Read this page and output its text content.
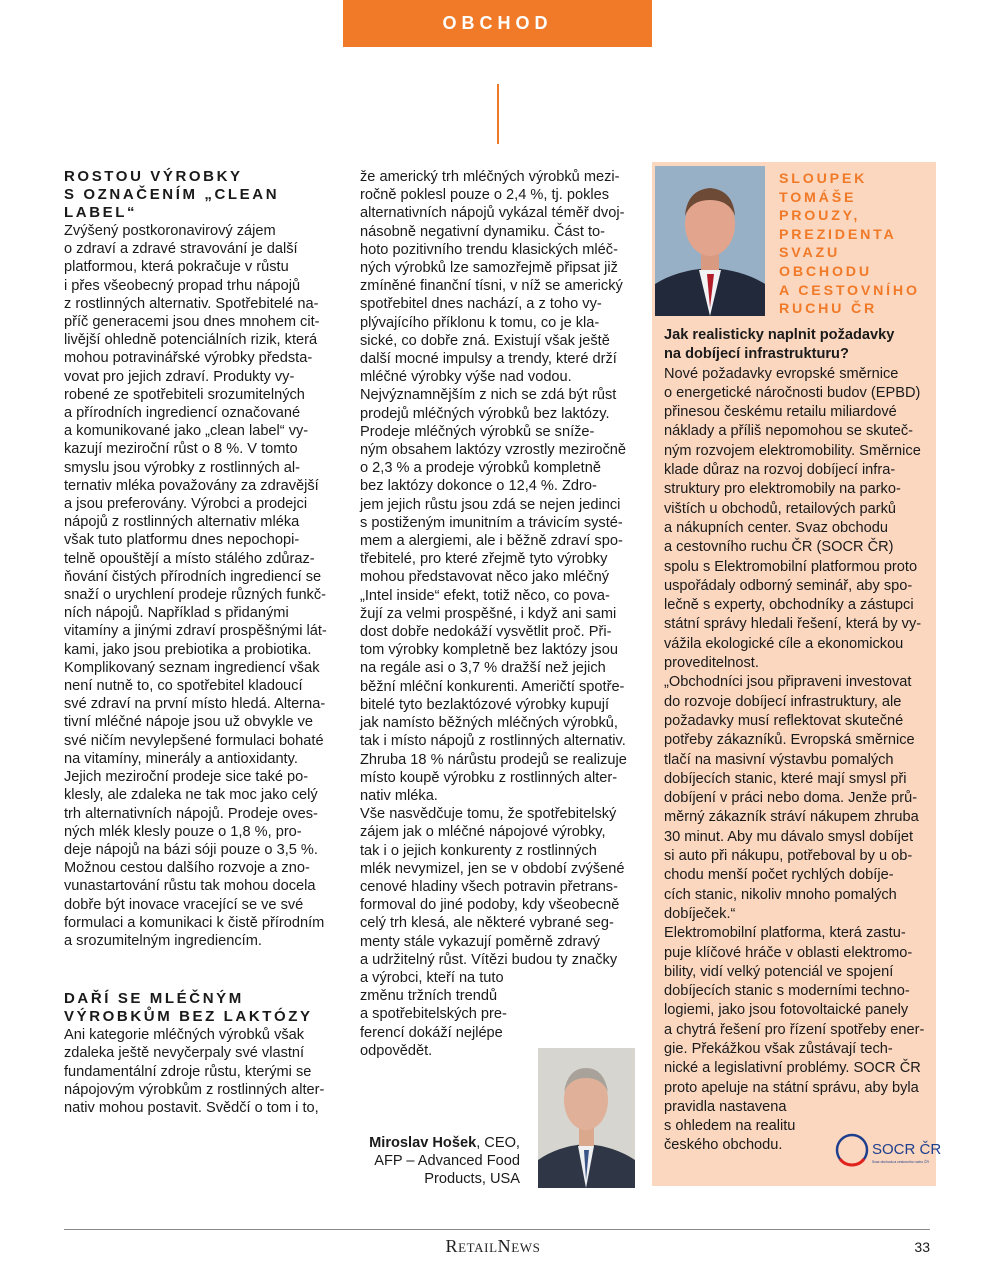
OBCHOD
ROSTOU VÝROBKY
S OZNAČENÍM „CLEAN
LABEL“
Zvýšený postkoronavirový zájem
o zdraví a zdravé stravování je další
platformou, která pokračuje v růstu
i přes všeobecný propad trhu nápojů
z rostlinných alternativ. Spotřebitelé na-
příč generacemi jsou dnes mnohem cit-
livější ohledně potenciálních rizik, která
mohou potravinářské výrobky předsta-
vovat pro jejich zdraví. Produkty vy-
robené ze spotřebiteli srozumitelných
a přírodních ingrediencí označované
a komunikované jako „clean label“ vy-
kazují meziroční růst o 8 %. V tomto
smyslu jsou výrobky z rostlinných al-
ternativ mléka považovány za zdravější
a jsou preferovány. Výrobci a prodejci
nápojů z rostlinných alternativ mléka
však tuto platformu dnes nepochopi-
telně opouštějí a místo stálého zdůraz-
ňování čistých přírodních ingrediencí se
snaží o urychlení prodeje různých funkč-
ních nápojů. Například s přidanými
vitamíny a jinými zdraví prospěšnými lát-
kami, jako jsou prebiotika a probiotika.
Komplikovaný seznam ingrediencí však
není nutně to, co spotřebitel kladoucí
své zdraví na první místo hledá. Alterna-
tivní mléčné nápoje jsou už obvykle ve
své ničím nevylepšené formulaci bohaté
na vitamíny, minerály a antioxidanty.
Jejich meziroční prodeje sice také po-
klesly, ale zdaleka ne tak moc jako celý
trh alternativních nápojů. Prodeje oves-
ných mlék klesly pouze o 1,8 %, pro-
deje nápojů na bázi sóji pouze o 3,5 %.
Možnou cestou dalšího rozvoje a zno-
vunastartování růstu tak mohou docela
dobře být inovace vracející se ve své
formulaci a komunikaci k čistě přírodním
a srozumitelným ingrediencím.
DAŘÍ SE MLÉČNÝM
VÝROBKŮM BEZ LAKTÓZY
Ani kategorie mléčných výrobků však
zdaleka ještě nevyčerpaly své vlastní
fundamentální zdroje růstu, kterými se
nápojovým výrobkům z rostlinných alter-
nativ mohou postavit. Svědčí o tom i to,
že americký trh mléčných výrobků mezi-
ročně poklesl pouze o 2,4 %, tj. pokles
alternativních nápojů vykázal téměř dvoj-
násobně negativní dynamiku. Část to-
hoto pozitivního trendu klasických mléč-
ných výrobků lze samozřejmě připsat již
zmíněné finanční tísni, v níž se americký
spotřebitel dnes nachází, a z toho vy-
plývajícího příklonu k tomu, co je kla-
sické, co dobře zná. Existují však ještě
další mocné impulsy a trendy, které drží
mléčné výrobky výše nad vodou.
Nejvýznamnějším z nich se zdá být růst
prodejů mléčných výrobků bez laktózy.
Prodeje mléčných výrobků se sníže-
ným obsahem laktózy vzrostly meziročně
o 2,3 % a prodeje výrobků kompletně
bez laktózy dokonce o 12,4 %. Zdro-
jem jejich růstu jsou zdá se nejen jedinci
s postiženým imunitním a trávicím systé-
mem a alergiemi, ale i běžně zdraví spo-
třebitelé, pro které zřejmě tyto výrobky
mohou představovat něco jako mléčný
„Intel inside“ efekt, totiž něco, co pova-
žují za velmi prospěšné, i když ani sami
dost dobře nedokáží vysvětlit proč. Při-
tom výrobky kompletně bez laktózy jsou
na regále asi o 3,7 % dražší než jejich
běžní mléční konkurenti. Američtí spotře-
bitelé tyto bezlaktózové výrobky kupují
jak namísto běžných mléčných výrobků,
tak i místo nápojů z rostlinných alternativ.
Zhruba 18 % nárůstu prodejů se realizuje
místo koupě výrobku z rostlinných alter-
nativ mléka.
Vše nasvědčuje tomu, že spotřebitelský
zájem jak o mléčné nápojové výrobky,
tak i o jejich konkurenty z rostlinných
mlék nevymizel, jen se v období zvýšené
cenové hladiny všech potravin přetrans-
formoval do jiné podoby, kdy všeobecně
celý trh klesá, ale některé vybrané seg-
menty stále vykazují poměrně zdravý
a udržitelný růst. Vítězi budou ty značky
a výrobci, kteří na tuto
změnu tržních trendů
a spotřebitelských pre-
ferencí dokáží nejlépe
odpovědět.
Miroslav Hošek, CEO,
AFP – Advanced Food
Products, USA
SLOUPEK
TOMÁŠE
PROUZY,
PREZIDENTA
SVAZU
OBCHODU
A CESTOVNÍHO
RUCHU ČR
Jak realisticky naplnit požadavky
na dobíjecí infrastrukturu?
Nové požadavky evropské směrnice
o energetické náročnosti budov (EPBD)
přinesou českému retailu miliardové
náklady a příliš nepomohou se skuteč-
ným rozvojem elektromobility. Směrnice
klade důraz na rozvoj dobíjecí infra-
struktury pro elektromobily na parko-
vištích u obchodů, retailových parků
a nákupních center. Svaz obchodu
a cestovního ruchu ČR (SOCR ČR)
spolu s Elektromobilní platformou proto
uspořádaly odborný seminář, aby spo-
lečně s experty, obchodníky a zástupci
státní správy hledali řešení, která by vy-
vážila ekologické cíle a ekonomickou
proveditelnost.
„Obchodníci jsou připraveni investovat
do rozvoje dobíjecí infrastruktury, ale
požadavky musí reflektovat skutečné
potřeby zákazníků. Evropská směrnice
tlačí na masivní výstavbu pomalých
dobíjecích stanic, které mají smysl při
dobíjení v práci nebo doma. Jenže prů-
měrný zákazník stráví nákupem zhruba
30 minut. Aby mu dávalo smysl dobíjet
si auto při nákupu, potřeboval by u ob-
chodu menší počet rychlých dobíje-
cích stanic, nikoliv mnoho pomalých
dobíječek.“
Elektromobilní platforma, která zastu-
puje klíčové hráče v oblasti elektromo-
bility, vidí velký potenciál ve spojení
dobíjecích stanic s moderními techno-
logiemi, jako jsou fotovoltaické panely
a chytrá řešení pro řízení spotřeby ener-
gie. Překážkou však zůstávají tech-
nické a legislativní problémy. SOCR ČR
proto apeluje na státní správu, aby byla
pravidla nastavena
s ohledem na realitu
českého obchodu.	SOCR ČR
Svaz obchodu a cestovního ruchu ČR
RetailNews	33
